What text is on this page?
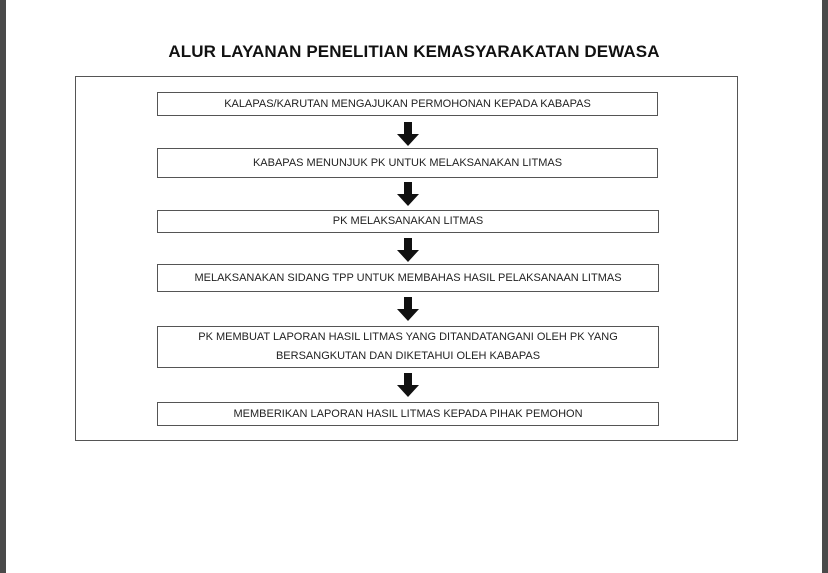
ALUR LAYANAN PENELITIAN KEMASYARAKATAN DEWASA
KALAPAS/KARUTAN MENGAJUKAN PERMOHONAN KEPADA KABAPAS
KABAPAS MENUNJUK PK UNTUK MELAKSANAKAN LITMAS
PK MELAKSANAKAN LITMAS
MELAKSANAKAN SIDANG TPP UNTUK MEMBAHAS HASIL PELAKSANAAN LITMAS
PK MEMBUAT LAPORAN HASIL LITMAS YANG DITANDATANGANI OLEH PK YANG
BERSANGKUTAN DAN DIKETAHUI OLEH KABAPAS
MEMBERIKAN LAPORAN HASIL LITMAS KEPADA PIHAK PEMOHON
